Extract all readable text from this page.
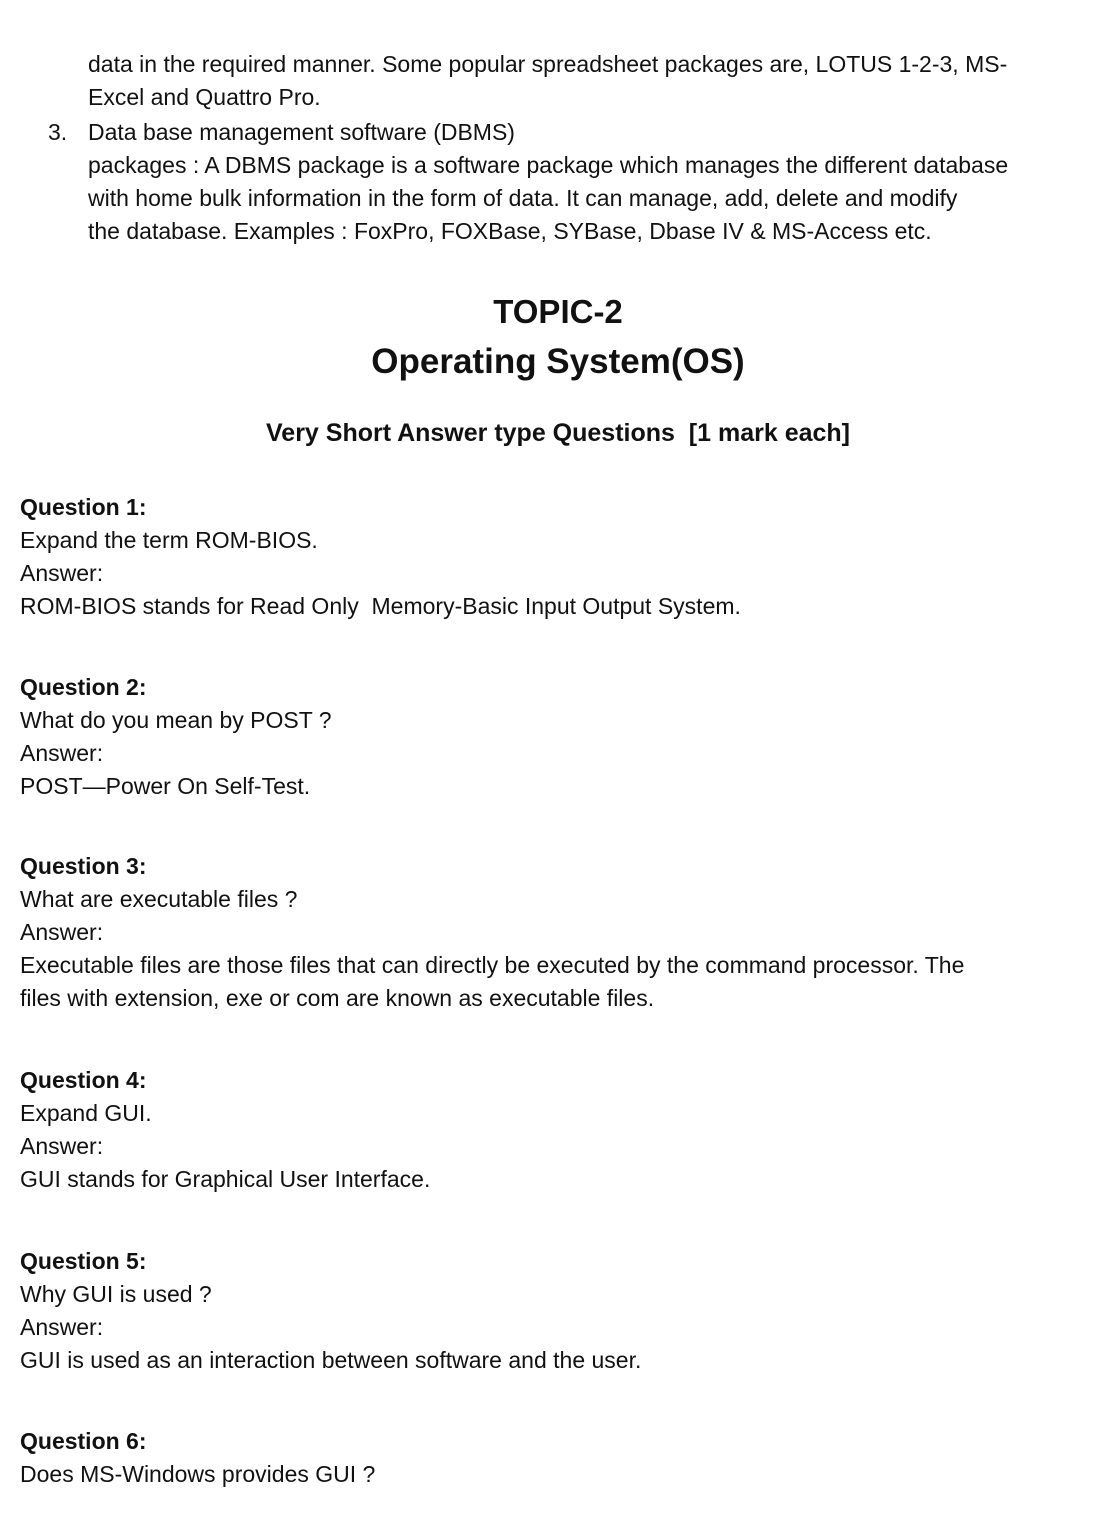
data in the required manner. Some popular spreadsheet packages are, LOTUS 1-2-3, MS-

Excel and Quattro Pro.

3. Data base management software (DBMS)

packages : A DBMS package is a software package which manages the different database

with home bulk information in the form of data. It can manage, add, delete and modify

the database. Examples : FoxPro, FOXBase, SYBase, Dbase IV & MS-Access etc.

TOPIC-2
Operating System(OS)
Very Short Answer type Questions  [1 mark each]

Question 1:

Expand the term ROM-BIOS.

Answer:

ROM-BIOS stands for Read Only  Memory-Basic Input Output System.

Question 2:

What do you mean by POST ?

Answer:

POST—Power On Self-Test.

Question 3:

What are executable files ?

Answer:

Executable files are those files that can directly be executed by the command processor. The

files with extension, exe or com are known as executable files.

Question 4:

Expand GUI.

Answer:

GUI stands for Graphical User Interface.

Question 5:

Why GUI is used ?

Answer:

GUI is used as an interaction between software and the user.

Question 6:

Does MS-Windows provides GUI ?
